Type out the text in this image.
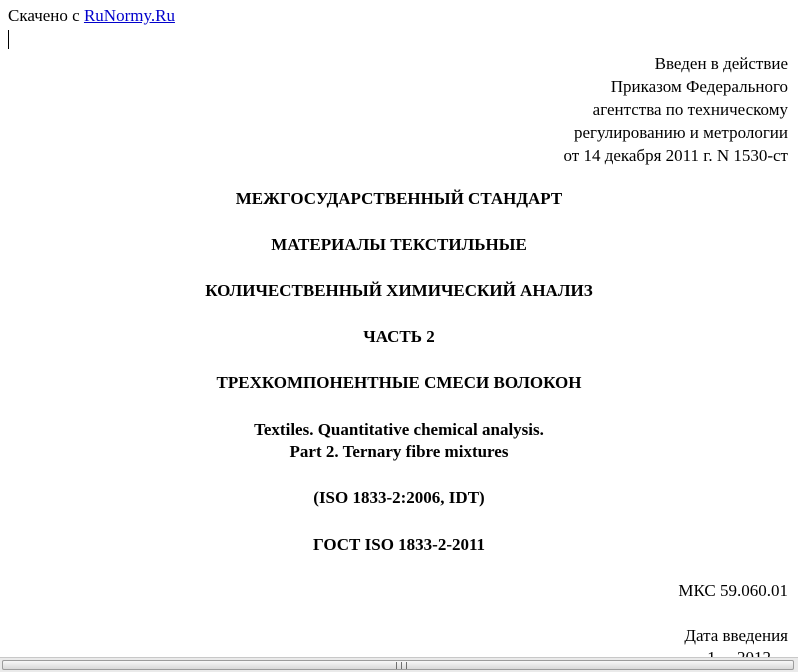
Скачено с RuNormy.Ru
Введен в действие
Приказом Федерального
агентства по техническому
регулированию и метрологии
от 14 декабря 2011 г. N 1530-ст
МЕЖГОСУДАРСТВЕННЫЙ СТАНДАРТ
МАТЕРИАЛЫ ТЕКСТИЛЬНЫЕ
КОЛИЧЕСТВЕННЫЙ ХИМИЧЕСКИЙ АНАЛИЗ
ЧАСТЬ 2
ТРЕХКОМПОНЕНТНЫЕ СМЕСИ ВОЛОКОН
Textiles. Quantitative chemical analysis.
Part 2. Ternary fibre mixtures
(ISO 1833-2:2006, IDT)
ГОСТ ISO 1833-2-2011
МКС 59.060.01
Дата введения
